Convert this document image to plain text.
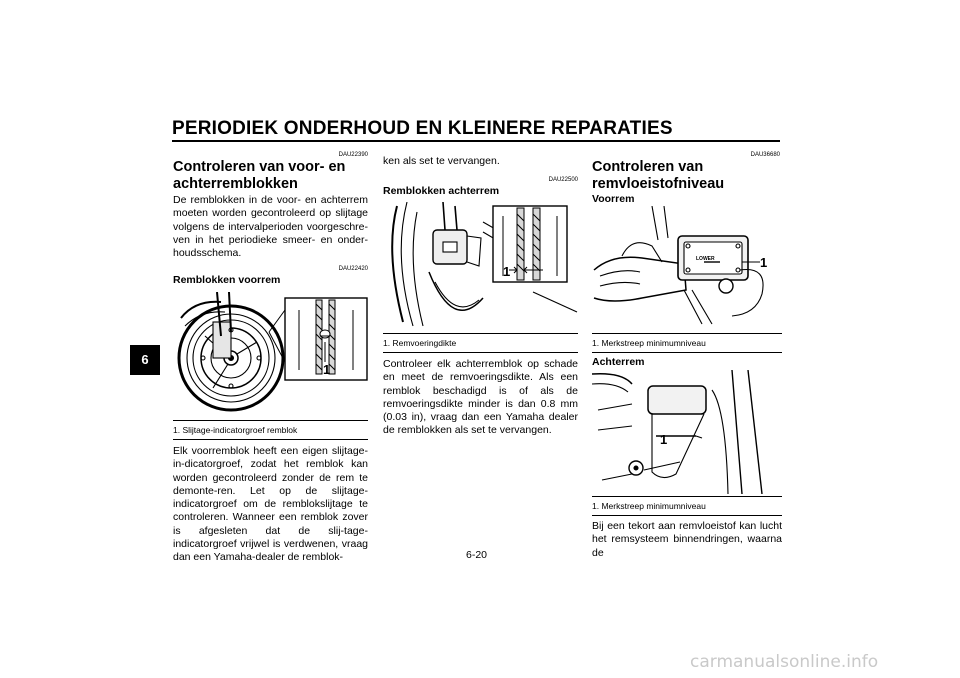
PERIODIEK ONDERHOUD EN KLEINERE REPARATIES
6
DAU22390
Controleren van voor- en achterremblokken

De remblokken in de voor- en achterrem moeten worden gecontroleerd op slijtage volgens de intervalperioden voorgeschre-ven in het periodieke smeer- en onder-houdsschema.

DAU22420
Remblokken voorrem
1
1. Slijtage-indicatorgroef remblok

Elk voorremblok heeft een eigen slijtage-in-dicatorgroef, zodat het remblok kan worden gecontroleerd zonder de rem te demonte-ren. Let op de slijtage-indicatorgroef om de remblokslijtage te controleren. Wanneer een remblok zover is afgesleten dat de slij-tage-indicatorgroef vrijwel is verdwenen, vraag dan een Yamaha-dealer de remblok-

ken als set te vervangen.

DAU22500
Remblokken achterrem
1
1. Remvoeringdikte

Controleer elk achterremblok op schade en meet de remvoeringsdikte. Als een remblok beschadigd is of als de remvoeringsdikte minder is dan 0.8 mm (0.03 in), vraag dan een Yamaha dealer de remblokken als set te vervangen.

DAU36680
Controleren van remvloeistofniveau
Voorrem
LOWER	1
1. Merkstreep minimumniveau
Achterrem
1
1. Merkstreep minimumniveau

Bij een tekort aan remvloeistof kan lucht het remsysteem binnendringen, waarna de

6-20
carmanualsonline.info
